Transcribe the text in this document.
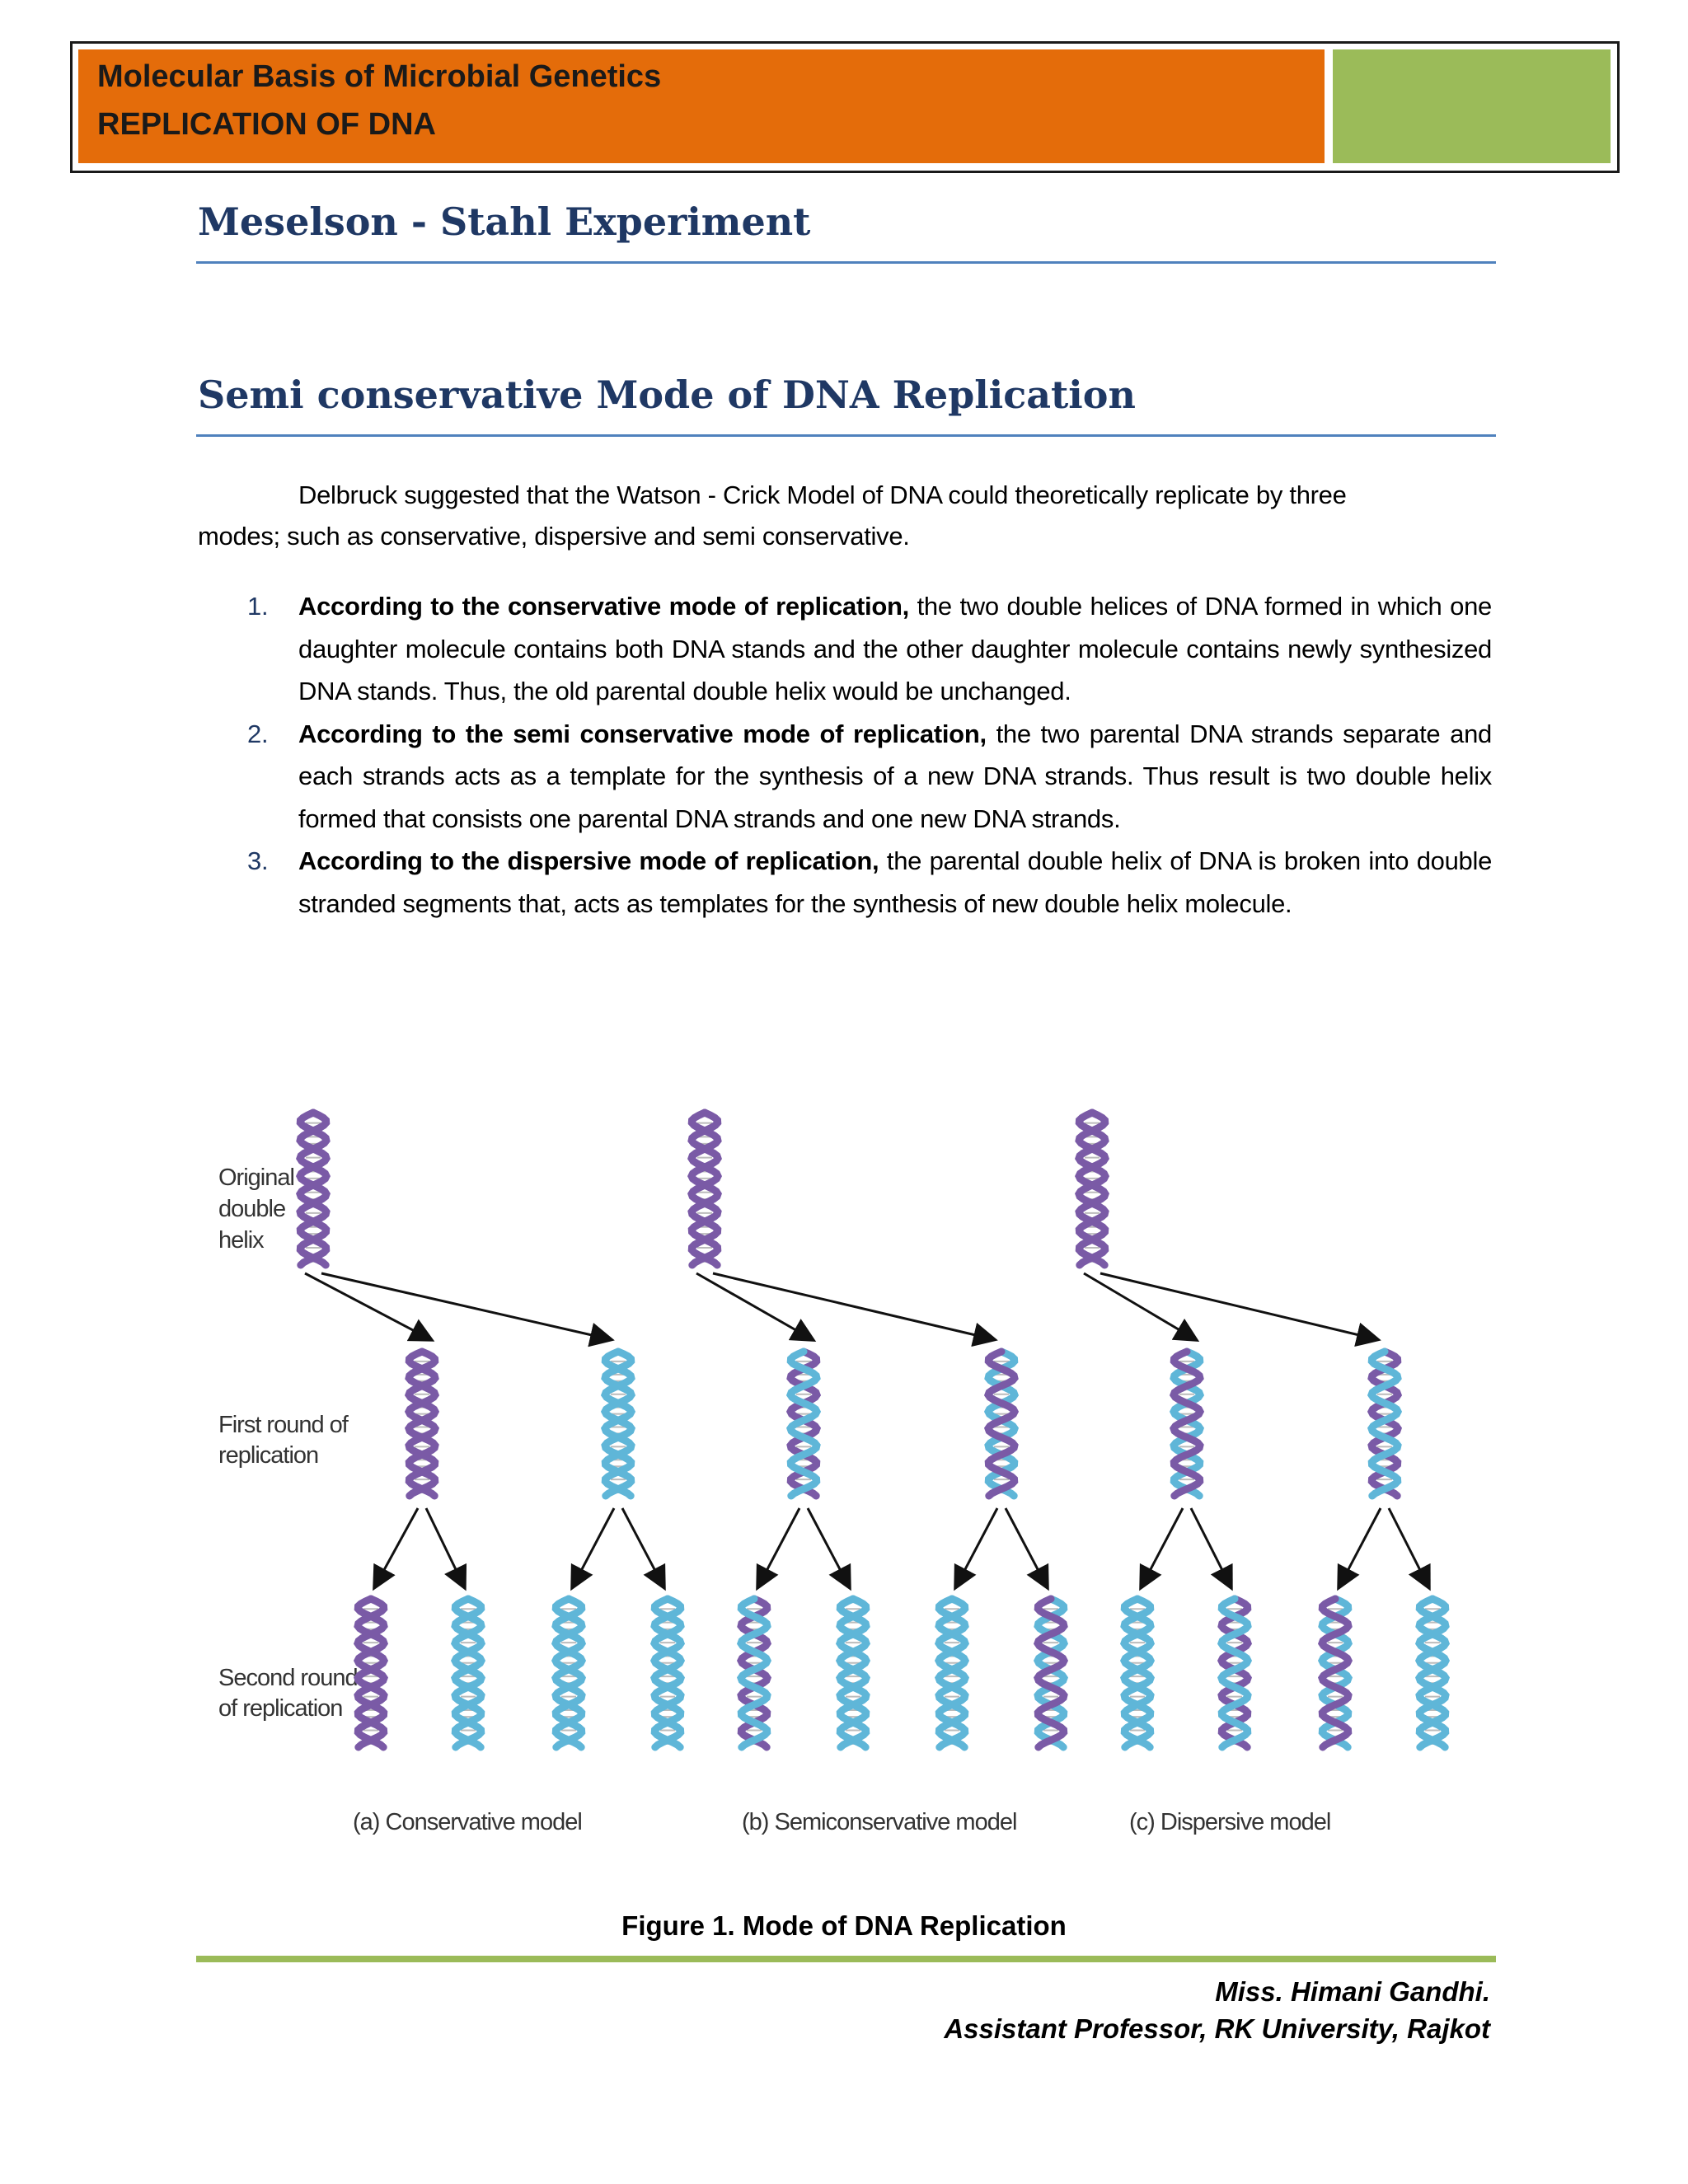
Molecular Basis of Microbial Genetics
REPLICATION OF DNA
Meselson - Stahl Experiment
Semi conservative Mode of DNA Replication
Delbruck suggested that the Watson - Crick Model of DNA could theoretically replicate by three
modes; such as conservative, dispersive and semi conservative.
1. According to the conservative mode of replication, the two double helices of DNA formed in which one daughter molecule contains both DNA stands and the other daughter molecule contains newly synthesized DNA stands. Thus, the old parental double helix would be unchanged.
2. According to the semi conservative mode of replication, the two parental DNA strands separate and each strands acts as a template for the synthesis of a new DNA strands. Thus result is two double helix formed that consists one parental DNA strands and one new DNA strands.
3. According to the dispersive mode of replication, the parental double helix of DNA is broken into double stranded segments that, acts as templates for the synthesis of new double helix molecule.
Original
double
helix
First round of
replication
Second round
of replication
(a) Conservative model	(b) Semiconservative model	(c) Dispersive model
Figure 1. Mode of DNA Replication
Miss. Himani Gandhi.
Assistant Professor, RK University, Rajkot
